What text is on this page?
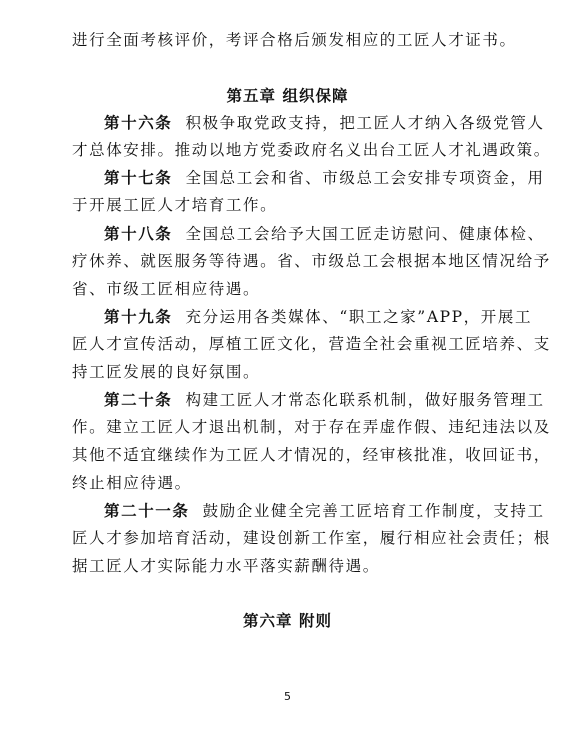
进行全面考核评价，考评合格后颁发相应的工匠人才证书。
第五章 组织保障
第十六条 积极争取党政支持，把工匠人才纳入各级党管人
才总体安排。推动以地方党委政府名义出台工匠人才礼遇政策。
第十七条 全国总工会和省、市级总工会安排专项资金，用
于开展工匠人才培育工作。
第十八条 全国总工会给予大国工匠走访慰问、健康体检、
疗休养、就医服务等待遇。省、市级总工会根据本地区情况给予
省、市级工匠相应待遇。
第十九条 充分运用各类媒体、“职工之家”APP，开展工
匠人才宣传活动，厚植工匠文化，营造全社会重视工匠培养、支
持工匠发展的良好氛围。
第二十条 构建工匠人才常态化联系机制，做好服务管理工
作。建立工匠人才退出机制，对于存在弄虚作假、违纪违法以及
其他不适宜继续作为工匠人才情况的，经审核批准，收回证书，
终止相应待遇。
第二十一条 鼓励企业健全完善工匠培育工作制度，支持工
匠人才参加培育活动，建设创新工作室，履行相应社会责任；根
据工匠人才实际能力水平落实薪酬待遇。
第六章 附则
5
